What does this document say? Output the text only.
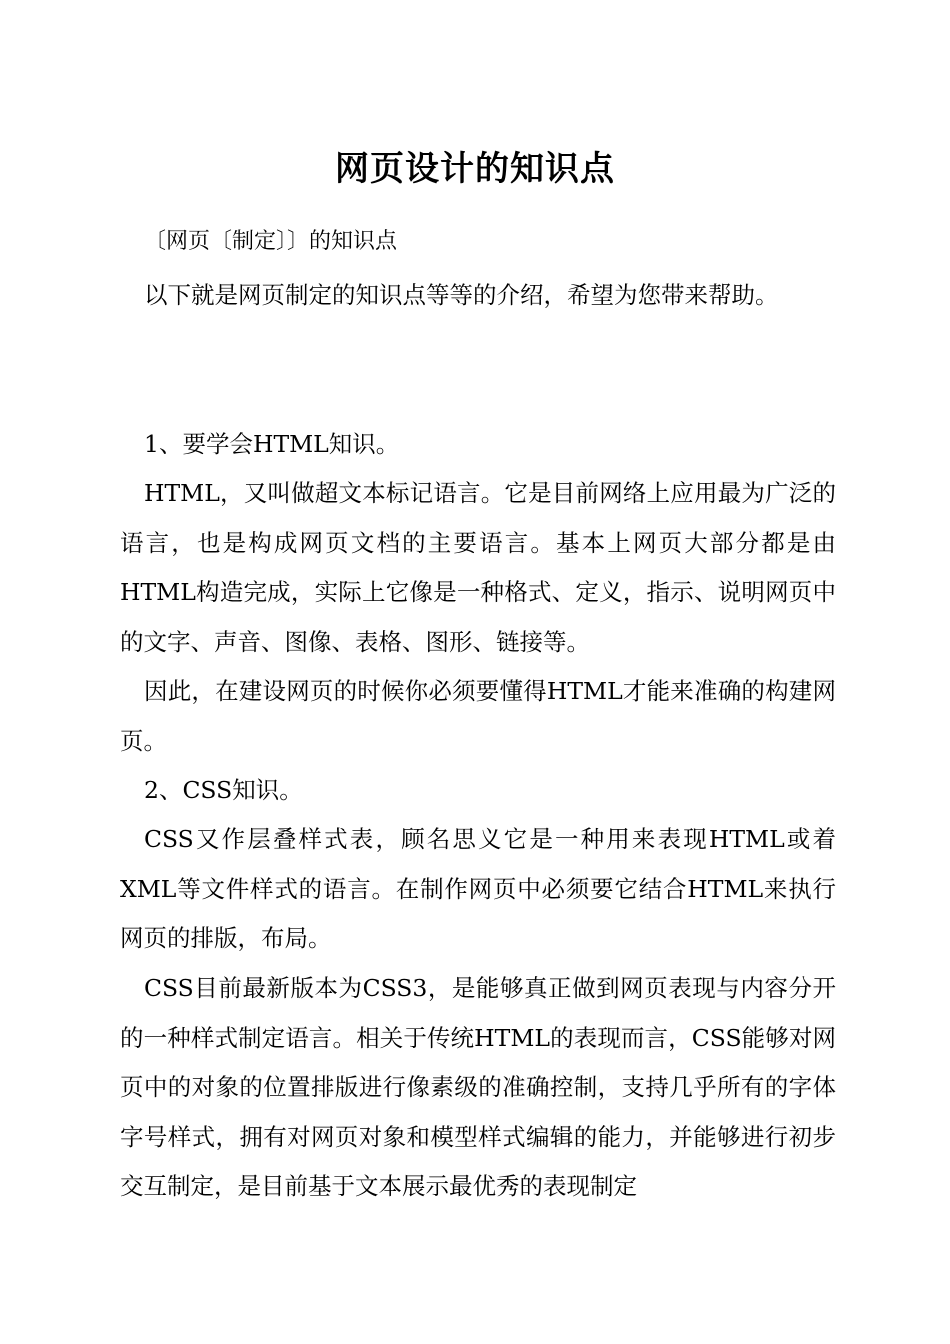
网页设计的知识点
〔网页〔制定〕〕的知识点
以下就是网页制定的知识点等等的介绍，希望为您带来帮助。
1、要学会HTML知识。
HTML，又叫做超文本标记语言。它是目前网络上应用最为广泛的语言，也是构成网页文档的主要语言。基本上网页大部分都是由HTML构造完成，实际上它像是一种格式、定义，指示、说明网页中的文字、声音、图像、表格、图形、链接等。
因此，在建设网页的时候你必须要懂得HTML才能来准确的构建网页。
2、CSS知识。
CSS又作层叠样式表，顾名思义它是一种用来表现HTML或着XML等文件样式的语言。在制作网页中必须要它结合HTML来执行网页的排版，布局。
CSS目前最新版本为CSS3，是能够真正做到网页表现与内容分开的一种样式制定语言。相关于传统HTML的表现而言，CSS能够对网页中的对象的位置排版进行像素级的准确控制，支持几乎所有的字体字号样式，拥有对网页对象和模型样式编辑的能力，并能够进行初步交互制定，是目前基于文本展示最优秀的表现制定
